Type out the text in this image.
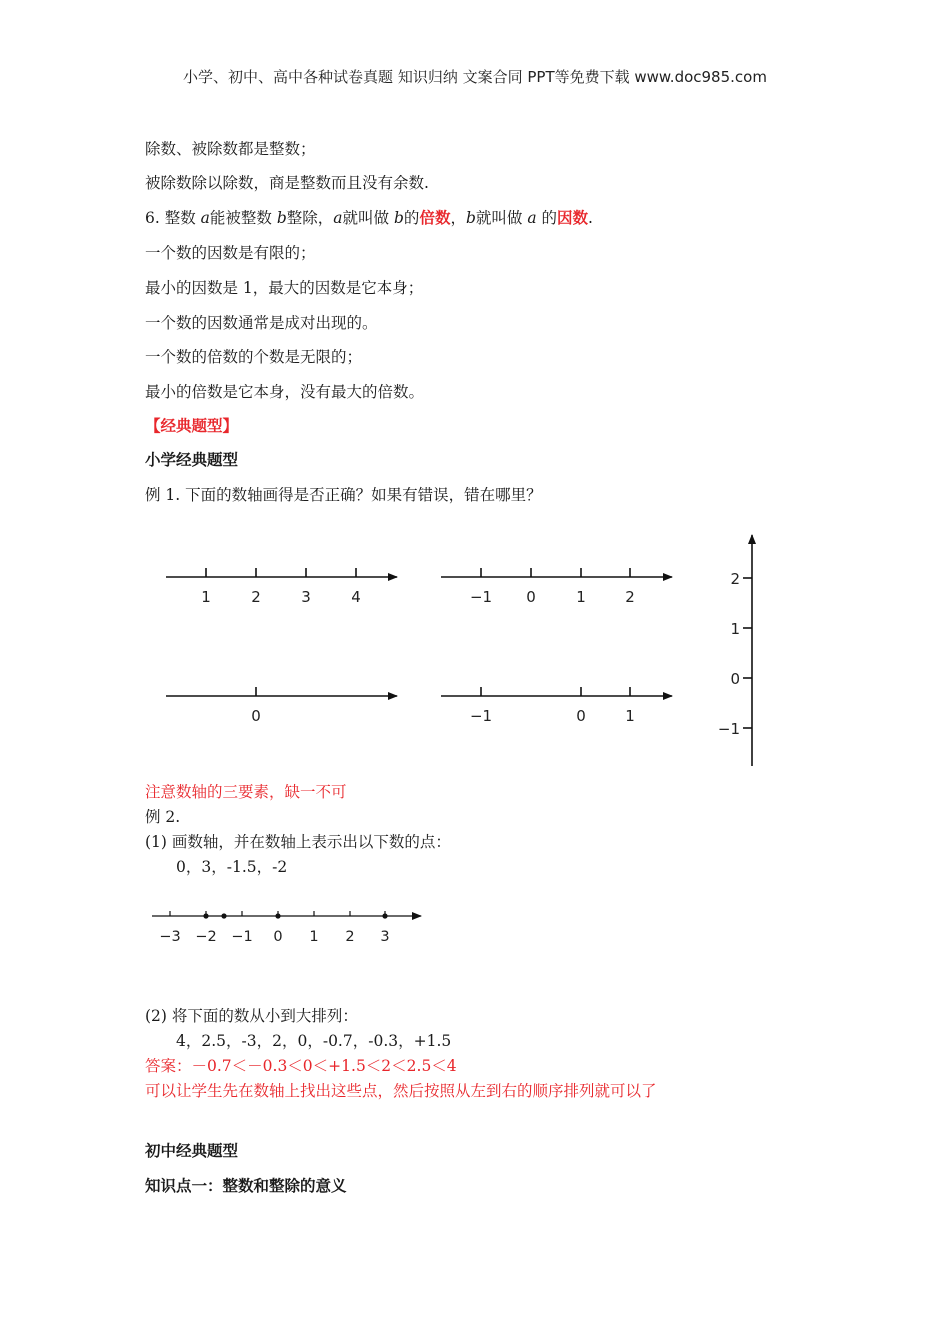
小学、初中、高中各种试卷真题 知识归纳 文案合同 PPT等免费下载 www.doc985.com
除数、被除数都是整数；
被除数除以除数，商是整数而且没有余数.
6. 整数 a能被整数 b整除，a就叫做 b的倍数，b就叫做 a 的因数.
一个数的因数是有限的；
最小的因数是 1，最大的因数是它本身；
一个数的因数通常是成对出现的。
一个数的倍数的个数是无限的；
最小的倍数是它本身，没有最大的倍数。
【经典题型】
小学经典题型
例 1. 下面的数轴画得是否正确？如果有错误，错在哪里？
1	2	3	4	−1 0	1	2
0	−1	0	1
2
1
0
−1
−3 −2 −1 0 1 2 3
注意数轴的三要素，缺一不可
例 2.
(1) 画数轴，并在数轴上表示出以下数的点：
0，3，-1.5，-2
(2) 将下面的数从小到大排列：
4，2.5，-3，2，0，-0.7，-0.3，+1.5
答案：－0.7＜－0.3＜0＜+1.5＜2＜2.5＜4
可以让学生先在数轴上找出这些点，然后按照从左到右的顺序排列就可以了
初中经典题型
知识点一：整数和整除的意义
